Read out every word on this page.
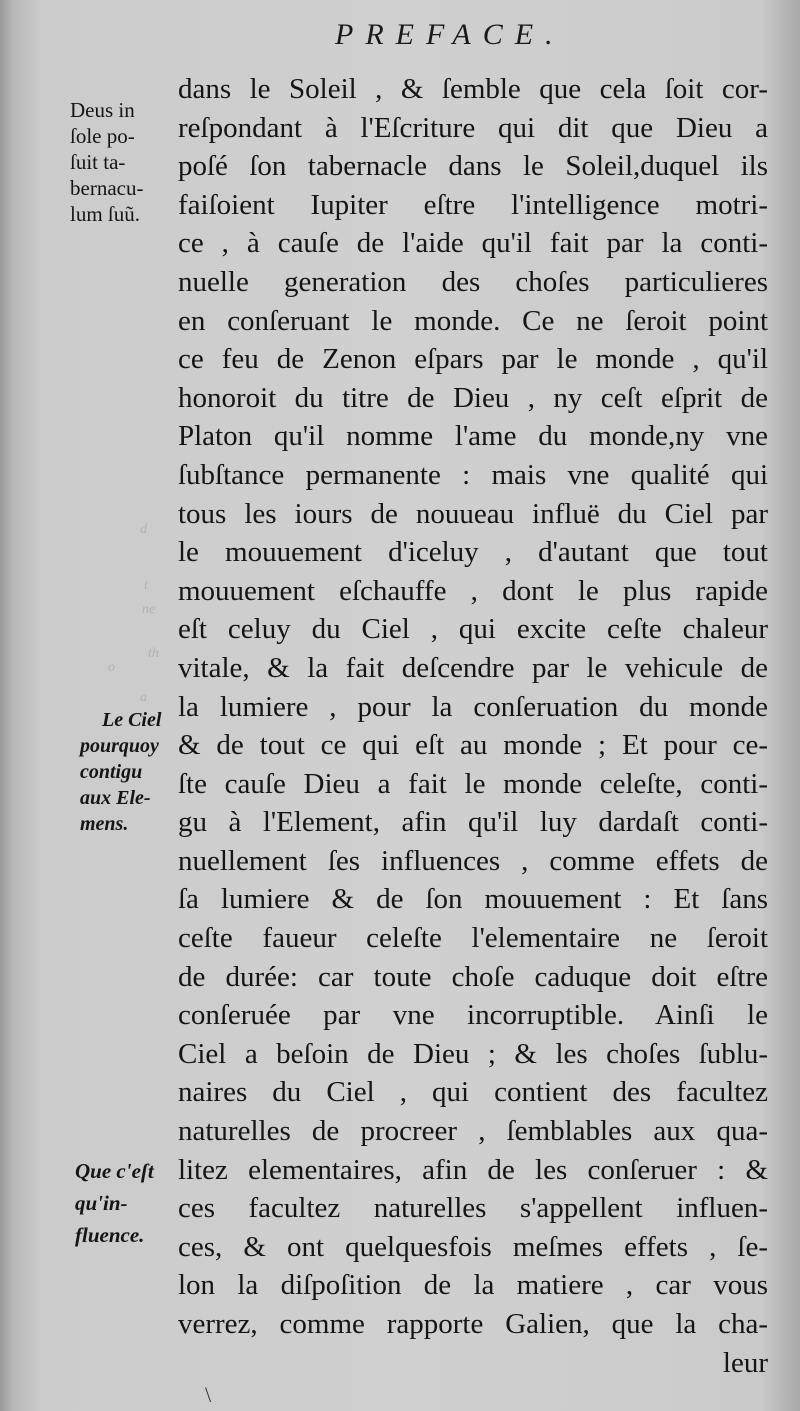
PREFACE.
Deus in
ſole po-
ſuit ta-
bernacu-
lum ſuũ.
Le Ciel
pourquoy
contigu
aux Ele-
mens.
Que c'eſt
qu'in-
fluence.
d
t
ne
th
o
a
dans le Soleil , & ſemble que cela ſoit cor-
reſpondant à l'Eſcriture qui dit que Dieu a
poſé ſon tabernacle dans le Soleil,duquel ils
faiſoient Iupiter eſtre l'intelligence motri-
ce , à cauſe de l'aide qu'il fait par la conti-
nuelle generation des choſes particulieres
en conſeruant le monde. Ce ne ſeroit point
ce feu de Zenon eſpars par le monde , qu'il
honoroit du titre de Dieu , ny ceſt eſprit de
Platon qu'il nomme l'ame du monde,ny vne
ſubſtance permanente : mais vne qualité qui
tous les iours de nouueau influë du Ciel par
le mouuement d'iceluy , d'autant que tout
mouuement eſchauffe , dont le plus rapide
eſt celuy du Ciel , qui excite ceſte chaleur
vitale, & la fait deſcendre par le vehicule de
la lumiere , pour la conſeruation du monde
& de tout ce qui eſt au monde ; Et pour ce-
ſte cauſe Dieu a fait le monde celeſte, conti-
gu à l'Element, afin qu'il luy dardaſt conti-
nuellement ſes influences , comme effets de
ſa lumiere & de ſon mouuement : Et ſans
ceſte faueur celeſte l'elementaire ne ſeroit
de durée: car toute choſe caduque doit eſtre
conſeruée par vne incorruptible. Ainſi le
Ciel a beſoin de Dieu ; & les choſes ſublu-
naires du Ciel , qui contient des facultez
naturelles de procreer , ſemblables aux qua-
litez elementaires, afin de les conſeruer : &
ces facultez naturelles s'appellent influen-
ces, & ont quelquesfois meſmes effets , ſe-
lon la diſpoſition de la matiere , car vous
verrez, comme rapporte Galien, que la cha-
leur
\
